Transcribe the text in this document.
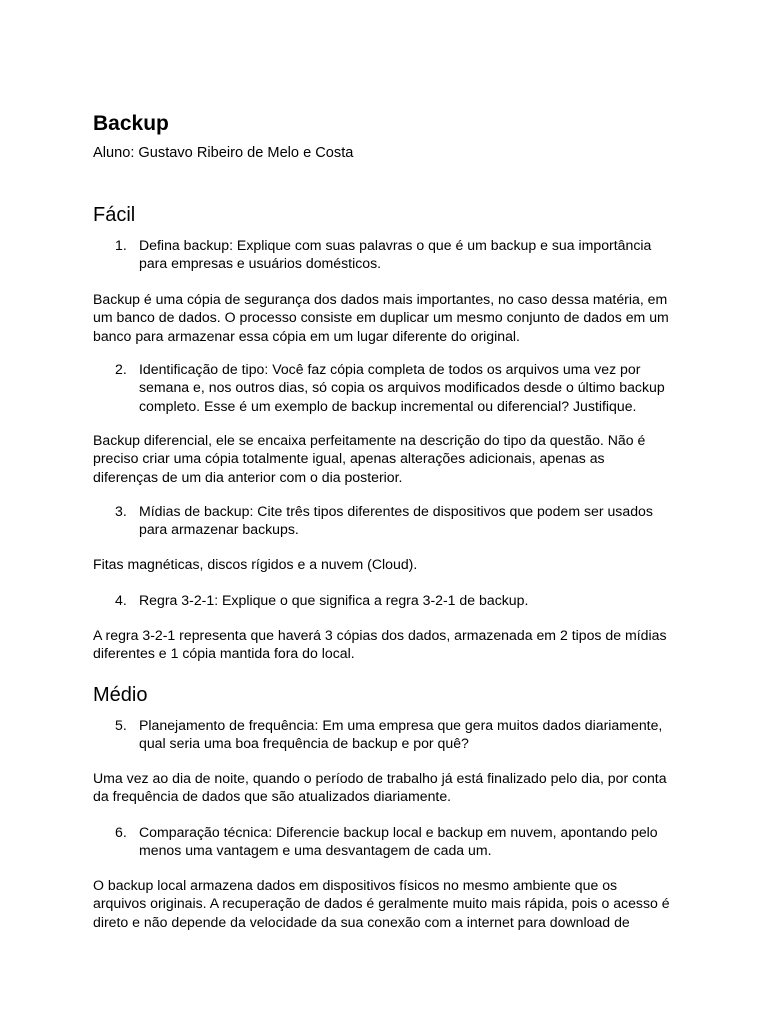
Backup

Aluno: Gustavo Ribeiro de Melo e Costa

Fácil
1. Defina backup: Explique com suas palavras o que é um backup e sua importância
para empresas e usuários domésticos.
Backup é uma cópia de segurança dos dados mais importantes, no caso dessa matéria, em
um banco de dados. O processo consiste em duplicar um mesmo conjunto de dados em um
banco para armazenar essa cópia em um lugar diferente do original.
2. Identificação de tipo: Você faz cópia completa de todos os arquivos uma vez por
semana e, nos outros dias, só copia os arquivos modificados desde o último backup
completo. Esse é um exemplo de backup incremental ou diferencial? Justifique.
Backup diferencial, ele se encaixa perfeitamente na descrição do tipo da questão. Não é
preciso criar uma cópia totalmente igual, apenas alterações adicionais, apenas as
diferenças de um dia anterior com o dia posterior.
3. Mídias de backup: Cite três tipos diferentes de dispositivos que podem ser usados
para armazenar backups.
Fitas magnéticas, discos rígidos e a nuvem (Cloud).
4. Regra 3-2-1: Explique o que significa a regra 3-2-1 de backup.
A regra 3-2-1 representa que haverá 3 cópias dos dados, armazenada em 2 tipos de mídias
diferentes e 1 cópia mantida fora do local.
Médio
5. Planejamento de frequência: Em uma empresa que gera muitos dados diariamente,
qual seria uma boa frequência de backup e por quê?
Uma vez ao dia de noite, quando o período de trabalho já está finalizado pelo dia, por conta
da frequência de dados que são atualizados diariamente.
6. Comparação técnica: Diferencie backup local e backup em nuvem, apontando pelo
menos uma vantagem e uma desvantagem de cada um.
O backup local armazena dados em dispositivos físicos no mesmo ambiente que os
arquivos originais. A recuperação de dados é geralmente muito mais rápida, pois o acesso é
direto e não depende da velocidade da sua conexão com a internet para download de
